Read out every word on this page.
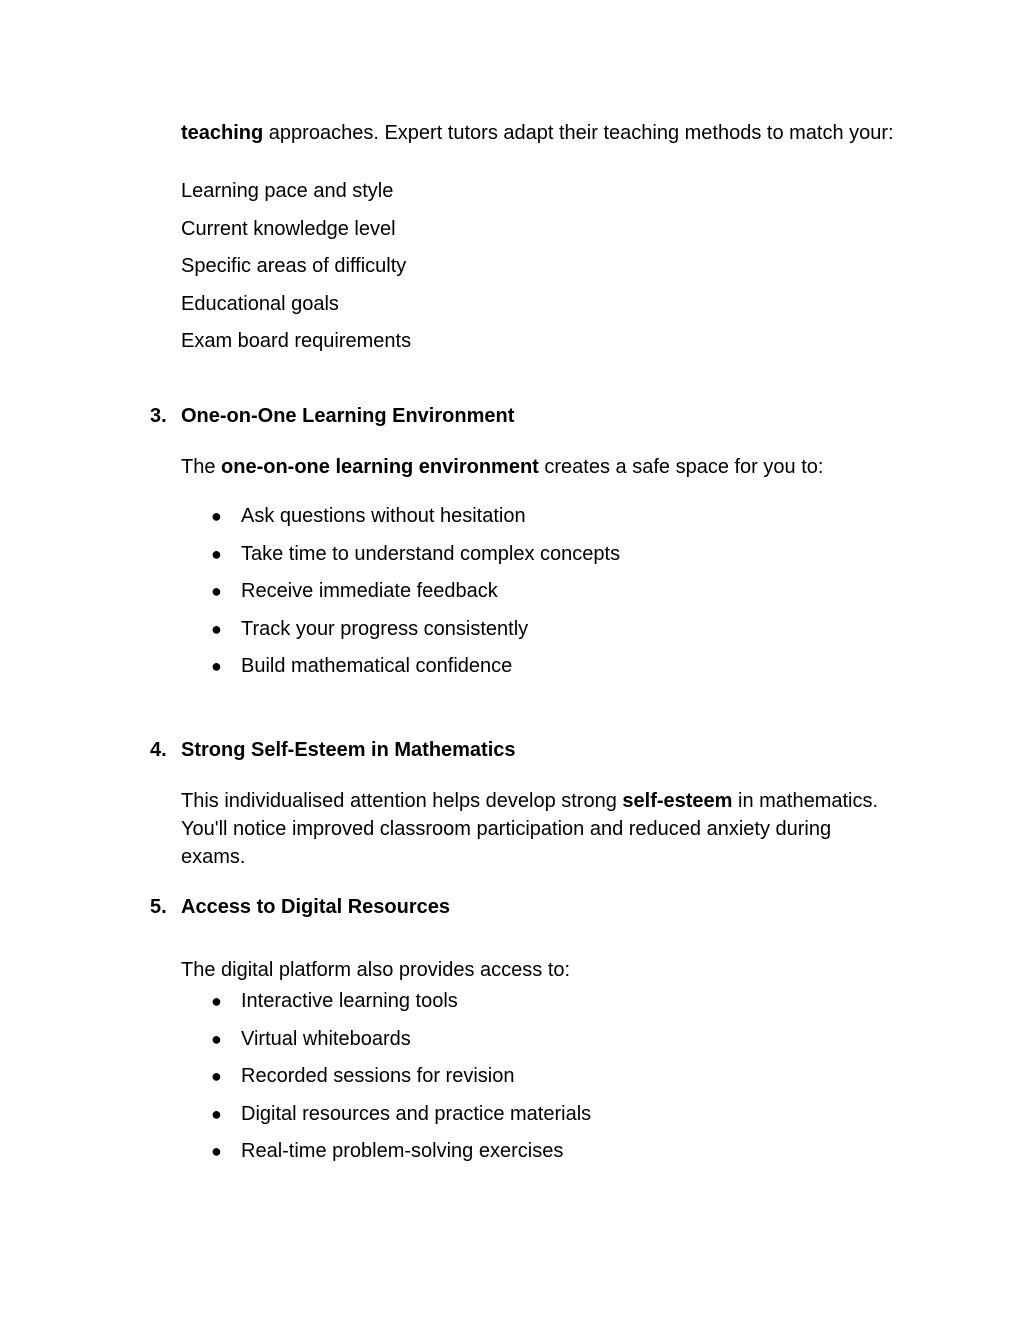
teaching approaches. Expert tutors adapt their teaching methods to match your:
Learning pace and style
Current knowledge level
Specific areas of difficulty
Educational goals
Exam board requirements
3. One-on-One Learning Environment
The one-on-one learning environment creates a safe space for you to:
● Ask questions without hesitation
● Take time to understand complex concepts
● Receive immediate feedback
● Track your progress consistently
● Build mathematical confidence
4. Strong Self-Esteem in Mathematics
This individualised attention helps develop strong self-esteem in mathematics. You'll notice improved classroom participation and reduced anxiety during exams.
5. Access to Digital Resources
The digital platform also provides access to:
● Interactive learning tools
● Virtual whiteboards
● Recorded sessions for revision
● Digital resources and practice materials
● Real-time problem-solving exercises
